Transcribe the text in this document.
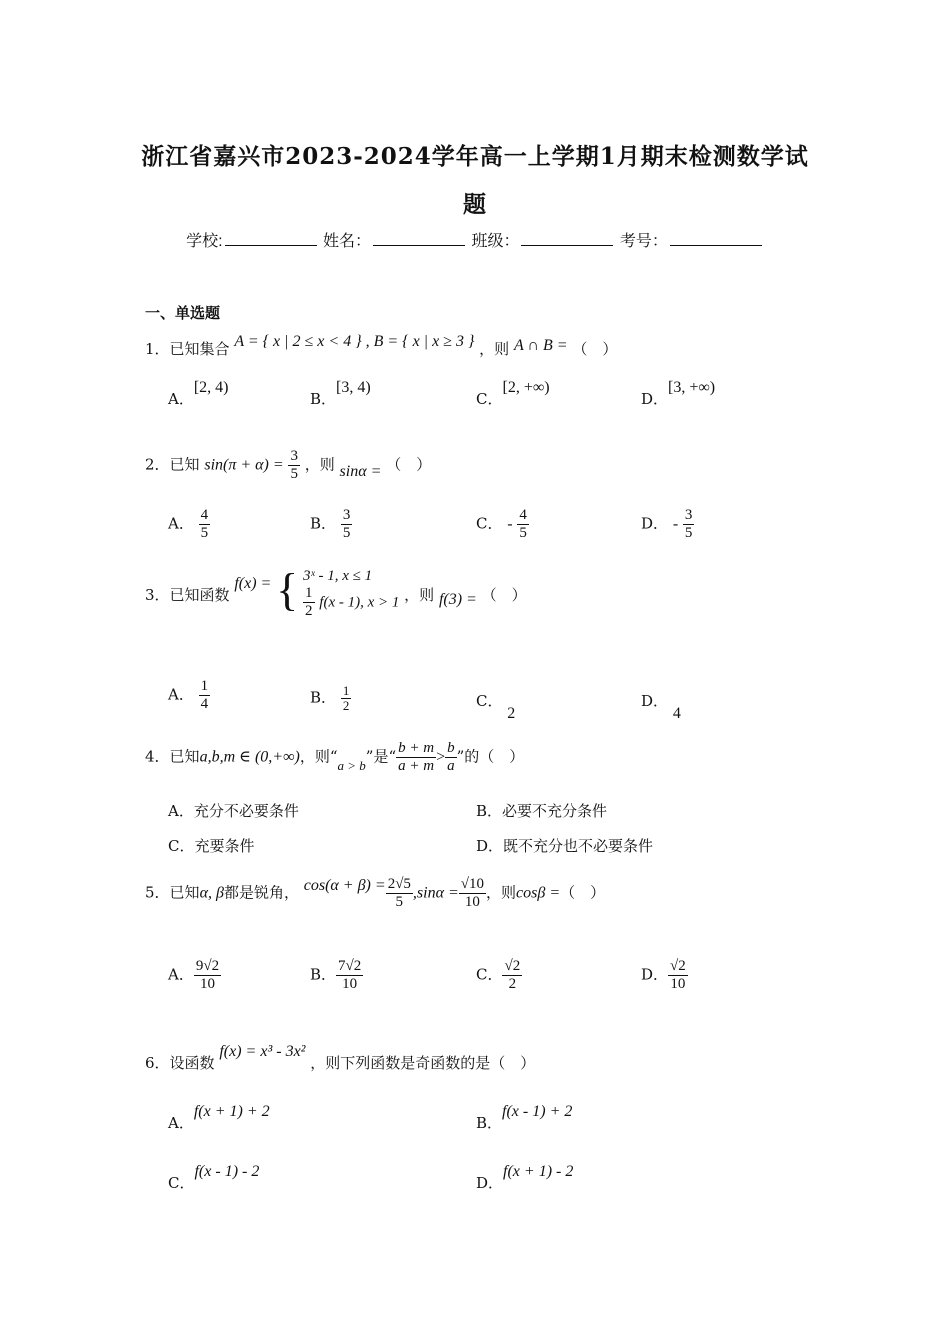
浙江省嘉兴市2023-2024学年高一上学期1月期末检测数学试
题
学校:	姓名：	班级：	考号：
一、单选题
1．已知集合 A = { x | 2 ≤ x < 4 } , B = { x | x ≥ 3 } ，则 A ∩ B = （　）
A．[2, 4)
B．[3, 4)
C．[2, +∞)
D．[3, +∞)
2．已知 $\sin(\pi + \alpha) = \frac{3}{5}$ ，则 sinα = （　）
A． $\frac{4}{5}$	B． $\frac{3}{5}$	C． - $\frac{4}{5}$	D． - $\frac{3}{5}$
3．已知函数 f(x) = { 3ˣ - 1, x ≤ 1
$\frac{1}{2} f(x - 1)$, x > 1 ，则 f(3) = （　）
A． $\frac{1}{4}$	B． $\frac{1}{2}$	C． 2
D． 4
4．已知a,b,m ∈ (0,+∞)，则“a > b”是“ $\frac{b + m}{a + m} > \frac{b}{a}$ ”的（　）
A．充分不必要条件	B．必要不充分条件
C．充要条件	D．既不充分也不必要条件
5．已知α, β都是锐角， $\cos(\alpha + \beta) = \frac{2√5}{5} ,\sin\alpha = \frac{√10}{10}$ ，则cosβ =（　）
A． $\frac{9√2}{10}$	B． $\frac{7√2}{10}$	C． $\frac{√2}{2}$	D． $\frac{√2}{10}$
6．设函数 f(x) = x³ - 3x² ，则下列函数是奇函数的是（　）
A．f(x + 1) + 2
B．f(x - 1) + 2
C．f(x - 1) - 2
D．f(x + 1) - 2
